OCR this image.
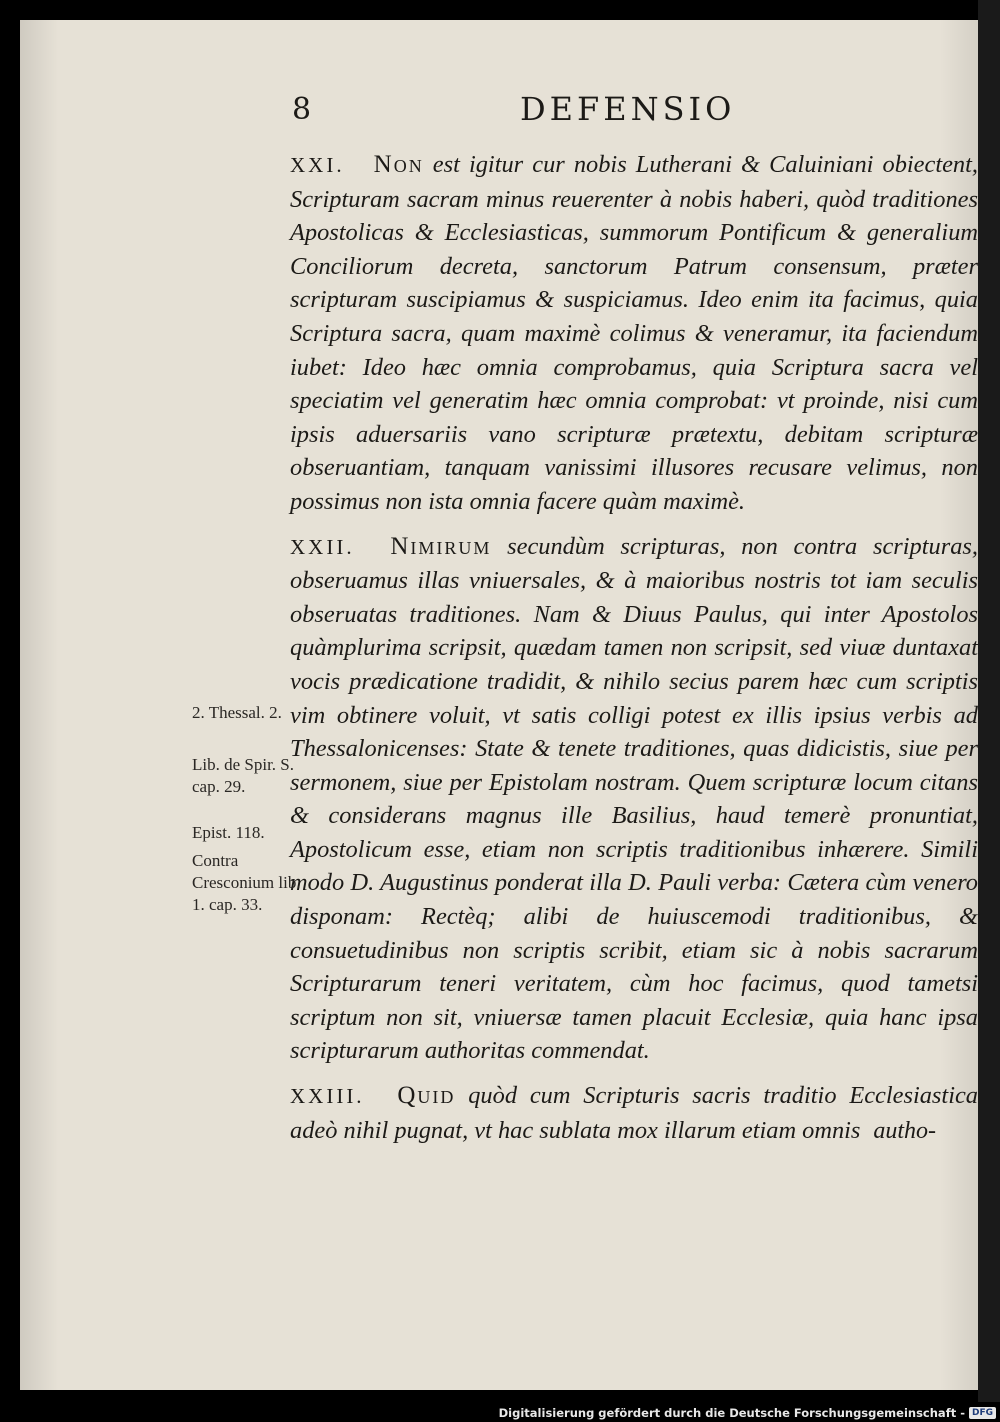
8	DEFENSIO

XXI. Non est igitur cur nobis Lutherani & Caluiniani obiectent, Scripturam sacram minus reuerenter à nobis haberi, quòd traditiones Apostolicas & Ecclesiasticas, summorum Pontificum & generalium Conciliorum decreta, sanctorum Patrum consensum, præter scripturam suscipiamus & suspiciamus. Ideo enim ita facimus, quia Scriptura sacra, quam maximè colimus & veneramur, ita faciendum iubet: Ideo hæc omnia comprobamus, quia Scriptura sacra vel speciatim vel generatim hæc omnia comprobat: vt proinde, nisi cum ipsis aduersariis vano scripturæ prætextu, debitam scripturæ obseruantiam, tanquam vanissimi illusores recusare velimus, non possimus non ista omnia facere quàm maximè.

XXII. Nimirum secundùm scripturas, non contra scripturas, obseruamus illas vniuersales, & à maioribus nostris tot iam seculis obseruatas traditiones. Nam & Diuus Paulus, qui inter Apostolos quàmplurima scripsit, quædam tamen non scripsit, sed viuæ duntaxat vocis prædicatione tradidit, & nihilo secius parem hæc cum scriptis vim obtinere voluit, vt satis colligi potest ex illis ipsius verbis ad Thessalonicenses: State & tenete traditiones, quas didicistis, siue per sermonem, siue per Epistolam nostram. Quem scripturæ locum citans & considerans magnus ille Basilius, haud temerè pronuntiat, Apostolicum esse, etiam non scriptis traditionibus inhærere. Simili modo D. Augustinus ponderat illa D. Pauli verba: Cætera cùm venero disponam: Rectèq; alibi de huiuscemodi traditionibus, & consuetudinibus non scriptis scribit, etiam sic à nobis sacrarum Scripturarum teneri veritatem, cùm hoc facimus, quod tametsi scriptum non sit, vniuersæ tamen placuit Ecclesiæ, quia hanc ipsa scripturarum authoritas commendat.

XXIII. Quid quòd cum Scripturis sacris traditio Ecclesiastica adeò nihil pugnat, vt hac sublata mox illarum etiam omnis

2. Thessal. 2.
Lib. de Spir. S. cap. 29.
Epist. 118.
Contra Cresconium lib. 1. cap. 33.
autho-
Digitalisierung gefördert durch die Deutsche Forschungsgemeinschaft - DFG
